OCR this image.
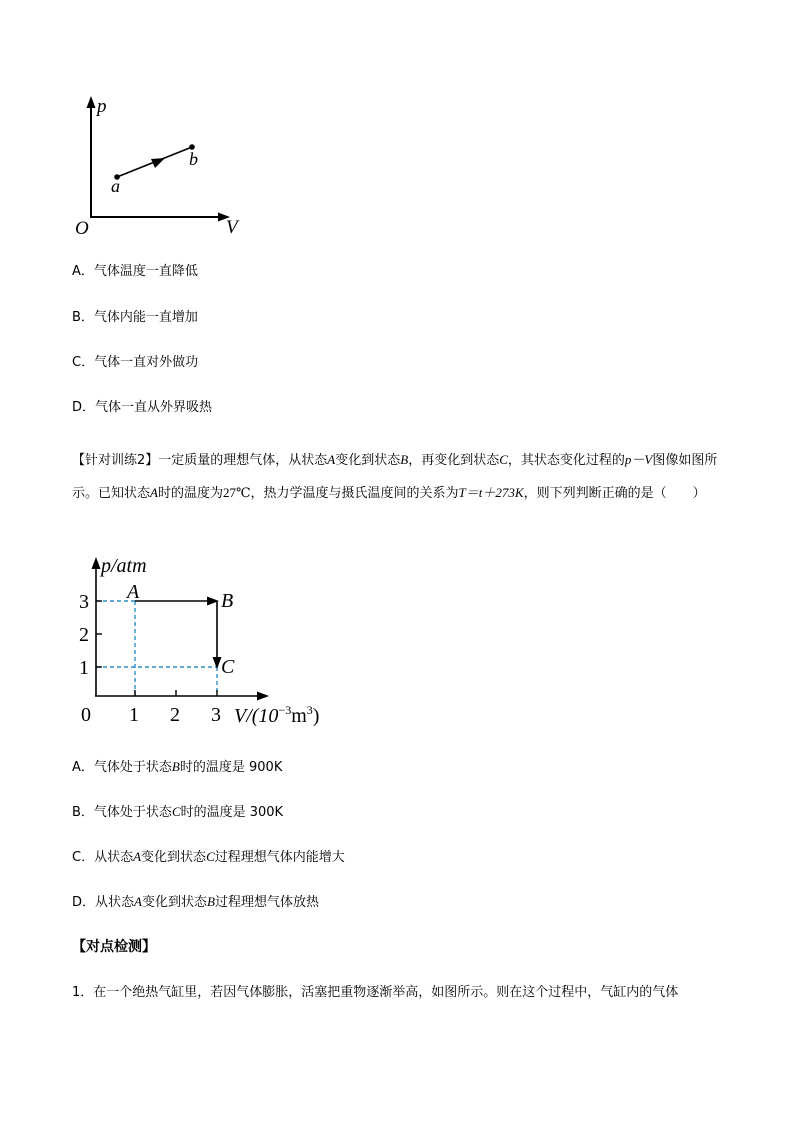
p
V
O
a
b
A．气体温度一直降低
B．气体内能一直增加
C．气体一直对外做功
D．气体一直从外界吸热
【针对训练2】一定质量的理想气体，从状态A变化到状态B，再变化到状态C，其状态变化过程的p－V图像如图所示。已知状态A时的温度为27℃，热力学温度与摄氏温度间的关系为T＝t＋273K，则下列判断正确的是（　　）
p/atm
$V/(10^{-3}m^3)$
0 1 2 3
1
2
3 A	B
C
A．气体处于状态B时的温度是 900K
B．气体处于状态C时的温度是 300K
C．从状态A变化到状态C过程理想气体内能增大
D．从状态A变化到状态B过程理想气体放热
【对点检测】
1．在一个绝热气缸里，若因气体膨胀，活塞把重物逐渐举高，如图所示。则在这个过程中，气缸内的气体
